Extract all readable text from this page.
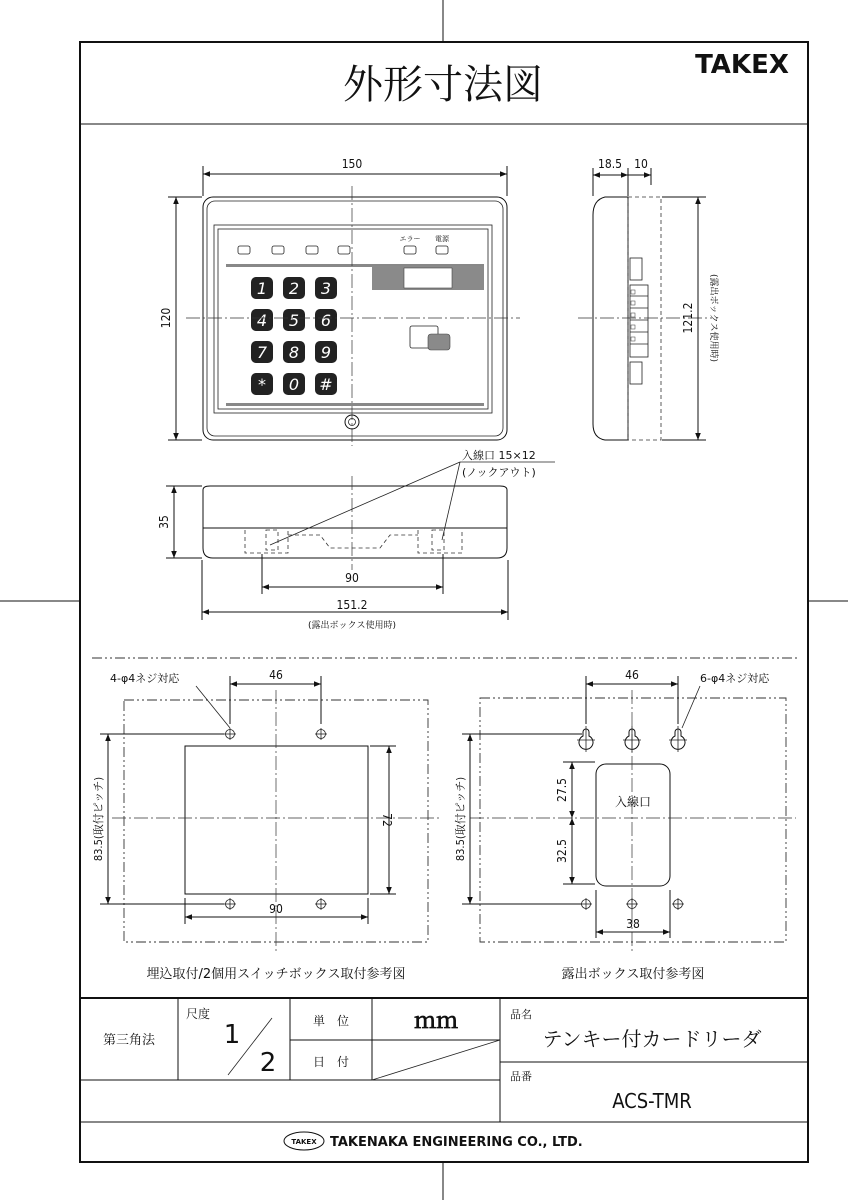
外形寸法図	TAKEX
エラー 電源
1 2 3
4 5 6
7 8 9
* 0 #
150
120
18.5 10
121.2 (露出ボックス使用時)
入線口 15×12
(ノックアウト)
35
90
151.2
(露出ボックス使用時)
4-φ4ネジ対応	46
90
72
83.5(取付ピッチ)
埋込取付/2個用スイッチボックス取付参考図
入線口
6-φ4ネジ対応
46
83.5(取付ピッチ)	27.5
32.5
38
露出ボックス取付参考図
第三角法
尺度
1
2
単　位	ｍｍ
日　付
品名
テンキー付カードリーダ
品番
ACS-TMR
TAKEX TAKENAKA ENGINEERING CO., LTD.
